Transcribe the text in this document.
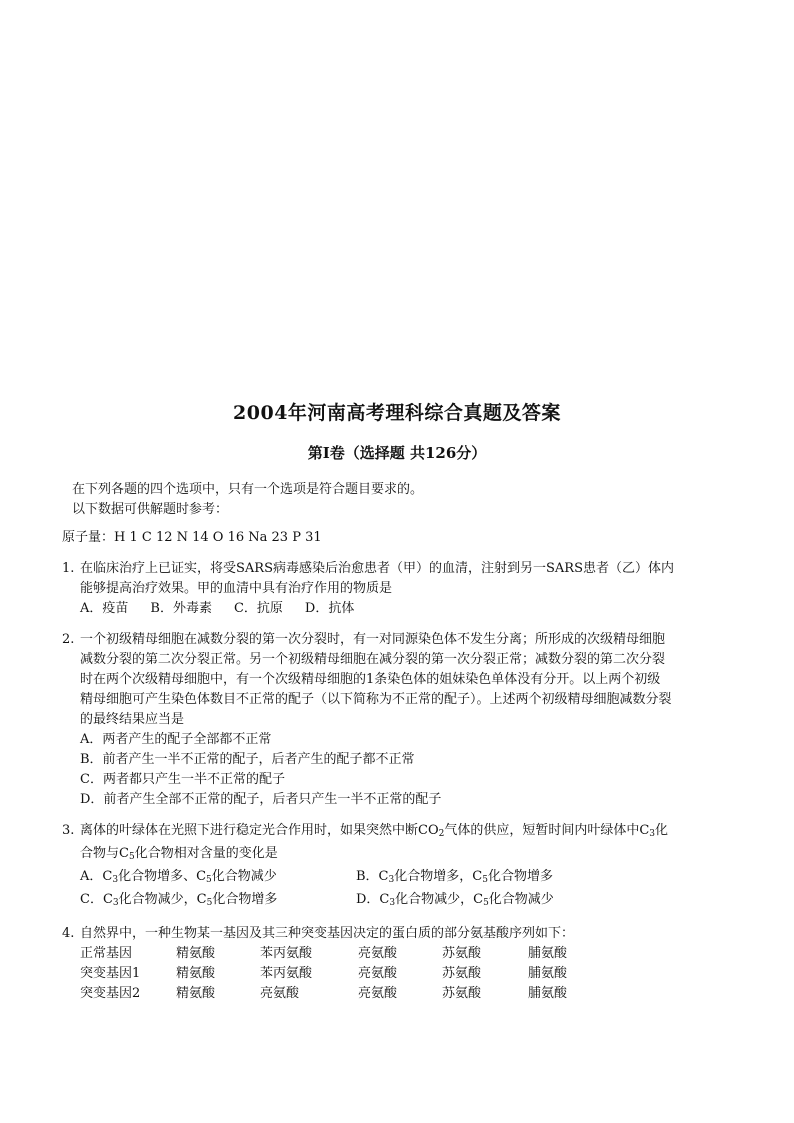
2004年河南高考理科综合真题及答案
第Ⅰ卷（选择题 共126分）

在下列各题的四个选项中，只有一个选项是符合题目要求的。

以下数据可供解题时参考：

原子量：H 1 C 12 N 14 O 16 Na 23 P 31

1. 在临床治疗上已证实，将受SARS病毒感染后治愈患者（甲）的血清，注射到另一SARS患者（乙）体内
能够提高治疗效果。甲的血清中具有治疗作用的物质是
A．疫苗 B．外毒素 C．抗原 D．抗体
2. 一个初级精母细胞在减数分裂的第一次分裂时，有一对同源染色体不发生分离；所形成的次级精母细胞
减数分裂的第二次分裂正常。另一个初级精母细胞在减分裂的第一次分裂正常；减数分裂的第二次分裂
时在两个次级精母细胞中，有一个次级精母细胞的1条染色体的姐妹染色单体没有分开。以上两个初级
精母细胞可产生染色体数目不正常的配子（以下简称为不正常的配子）。上述两个初级精母细胞减数分裂
的最终结果应当是
A．两者产生的配子全部都不正常
B．前者产生一半不正常的配子，后者产生的配子都不正常
C．两者都只产生一半不正常的配子
D．前者产生全部不正常的配子，后者只产生一半不正常的配子
3. 离体的叶绿体在光照下进行稳定光合作用时，如果突然中断$CO_2$气体的供应，短暂时间内叶绿体中$C_3$化
合物与$C_5$化合物相对含量的变化是
A．$C_3$化合物增多、$C_5$化合物减少	B．$C_3$化合物增多，$C_5$化合物增多
C．$C_3$化合物减少，$C_5$化合物增多	D．$C_3$化合物减少，$C_5$化合物减少
4. 自然界中，一种生物某一基因及其三种突变基因决定的蛋白质的部分氨基酸序列如下：
正常基因	精氨酸	苯丙氨酸	亮氨酸	苏氨酸	脯氨酸
突变基因1	精氨酸	苯丙氨酸	亮氨酸	苏氨酸	脯氨酸
突变基因2	精氨酸	亮氨酸	亮氨酸	苏氨酸	脯氨酸
